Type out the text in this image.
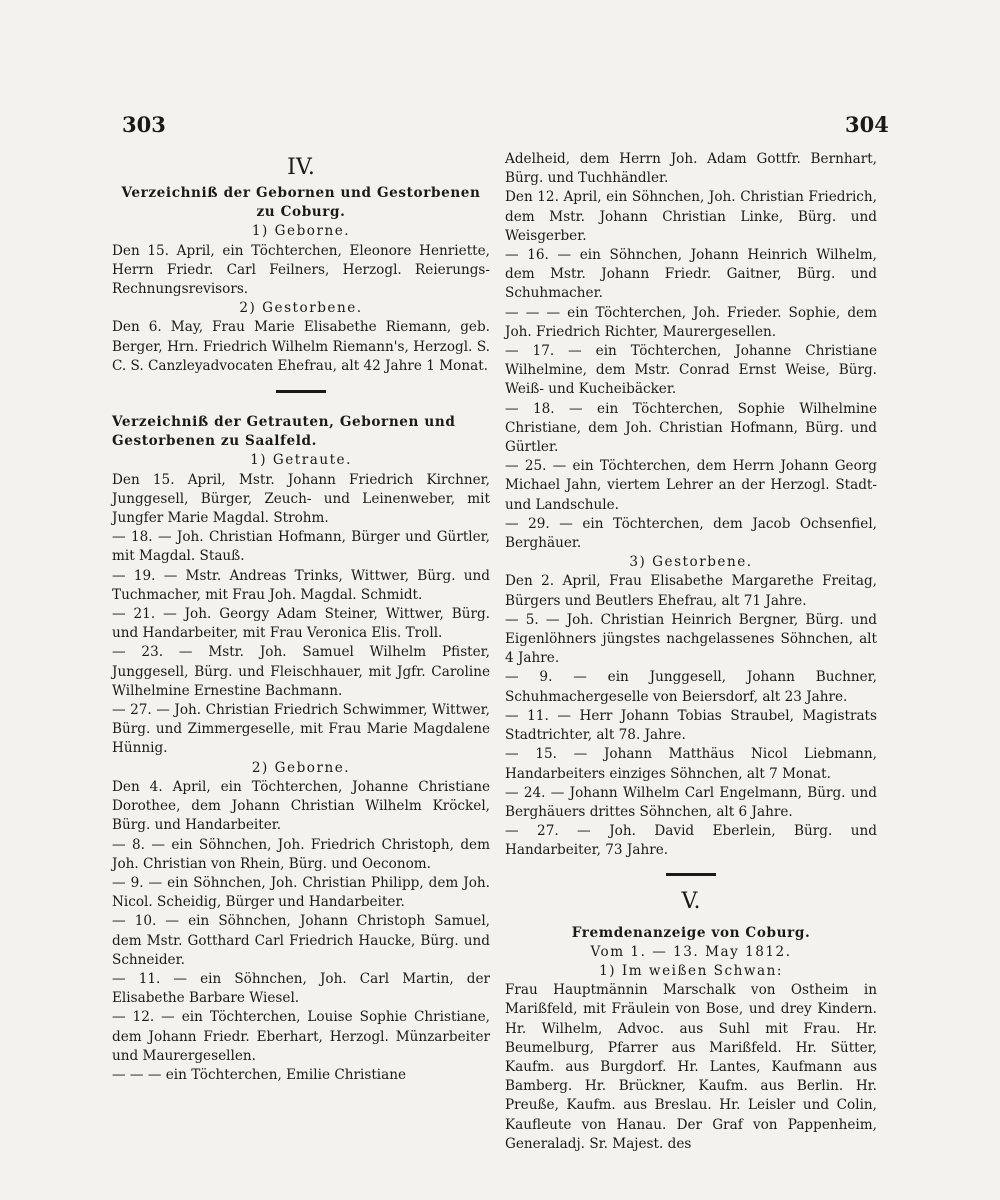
303	304
IV.
Verzeichniß der Gebornen und Gestorbenen zu Coburg.
1) Geborne.
Den 15. April, ein Töchterchen, Eleonore Henriette, Herrn Friedr. Carl Feilners, Herzogl. Reierungs-Rechnungsrevisors.
2) Gestorbene.
Den 6. May, Frau Marie Elisabethe Riemann, geb. Berger, Hrn. Friedrich Wilhelm Riemann's, Herzogl. S. C. S. Canzleyadvocaten Ehefrau, alt 42 Jahre 1 Monat.
Verzeichniß der Getrauten, Gebornen und Gestorbenen zu Saalfeld.
1) Getraute.
Den 15. April, Mstr. Johann Friedrich Kirchner, Junggesell, Bürger, Zeuch- und Leinenweber, mit Jungfer Marie Magdal. Strohm.
— 18. — Joh. Christian Hofmann, Bürger und Gürtler, mit Magdal. Stauß.
— 19. — Mstr. Andreas Trinks, Wittwer, Bürg. und Tuchmacher, mit Frau Joh. Magdal. Schmidt.
— 21. — Joh. Georgy Adam Steiner, Wittwer, Bürg. und Handarbeiter, mit Frau Veronica Elis. Troll.
— 23. — Mstr. Joh. Samuel Wilhelm Pfister, Junggesell, Bürg. und Fleischhauer, mit Jgfr. Caroline Wilhelmine Ernestine Bachmann.
— 27. — Joh. Christian Friedrich Schwimmer, Wittwer, Bürg. und Zimmergeselle, mit Frau Marie Magdalene Hünnig.
2) Geborne.
Den 4. April, ein Töchterchen, Johanne Christiane Dorothee, dem Johann Christian Wilhelm Kröckel, Bürg. und Handarbeiter.
— 8. — ein Söhnchen, Joh. Friedrich Christoph, dem Joh. Christian von Rhein, Bürg. und Oeconom.
— 9. — ein Söhnchen, Joh. Christian Philipp, dem Joh. Nicol. Scheidig, Bürger und Handarbeiter.
— 10. — ein Söhnchen, Johann Christoph Samuel, dem Mstr. Gotthard Carl Friedrich Haucke, Bürg. und Schneider.
— 11. — ein Söhnchen, Joh. Carl Martin, der Elisabethe Barbare Wiesel.
— 12. — ein Töchterchen, Louise Sophie Christiane, dem Johann Friedr. Eberhart, Herzogl. Münzarbeiter und Maurergesellen.
— — — ein Töchterchen, Emilie Christiane
Adelheid, dem Herrn Joh. Adam Gottfr. Bernhart, Bürg. und Tuchhändler.
Den 12. April, ein Söhnchen, Joh. Christian Friedrich, dem Mstr. Johann Christian Linke, Bürg. und Weisgerber.
— 16. — ein Söhnchen, Johann Heinrich Wilhelm, dem Mstr. Johann Friedr. Gaitner, Bürg. und Schuhmacher.
— — — ein Töchterchen, Joh. Frieder. Sophie, dem Joh. Friedrich Richter, Maurergesellen.
— 17. — ein Töchterchen, Johanne Christiane Wilhelmine, dem Mstr. Conrad Ernst Weise, Bürg. Weiß- und Kucheibäcker.
— 18. — ein Töchterchen, Sophie Wilhelmine Christiane, dem Joh. Christian Hofmann, Bürg. und Gürtler.
— 25. — ein Töchterchen, dem Herrn Johann Georg Michael Jahn, viertem Lehrer an der Herzogl. Stadt- und Landschule.
— 29. — ein Töchterchen, dem Jacob Ochsenfiel, Berghäuer.
3) Gestorbene.
Den 2. April, Frau Elisabethe Margarethe Freitag, Bürgers und Beutlers Ehefrau, alt 71 Jahre.
— 5. — Joh. Christian Heinrich Bergner, Bürg. und Eigenlöhners jüngstes nachgelassenes Söhnchen, alt 4 Jahre.
— 9. — ein Junggesell, Johann Buchner, Schuhmachergeselle von Beiersdorf, alt 23 Jahre.
— 11. — Herr Johann Tobias Straubel, Magistrats Stadtrichter, alt 78. Jahre.
— 15. — Johann Matthäus Nicol Liebmann, Handarbeiters einziges Söhnchen, alt 7 Monat.
— 24. — Johann Wilhelm Carl Engelmann, Bürg. und Berghäuers drittes Söhnchen, alt 6 Jahre.
— 27. — Joh. David Eberlein, Bürg. und Handarbeiter, 73 Jahre.
V.
Fremdenanzeige von Coburg.
Vom 1. — 13. May 1812.
1) Im weißen Schwan:
Frau Hauptmännin Marschalk von Ostheim in Marißfeld, mit Fräulein von Bose, und drey Kindern. Hr. Wilhelm, Advoc. aus Suhl mit Frau. Hr. Beumelburg, Pfarrer aus Marißfeld. Hr. Sütter, Kaufm. aus Burgdorf. Hr. Lantes, Kaufmann aus Bamberg. Hr. Brückner, Kaufm. aus Berlin. Hr. Preuße, Kaufm. aus Breslau. Hr. Leisler und Colin, Kaufleute von Hanau. Der Graf von Pappenheim, Generaladj. Sr. Majest. des
